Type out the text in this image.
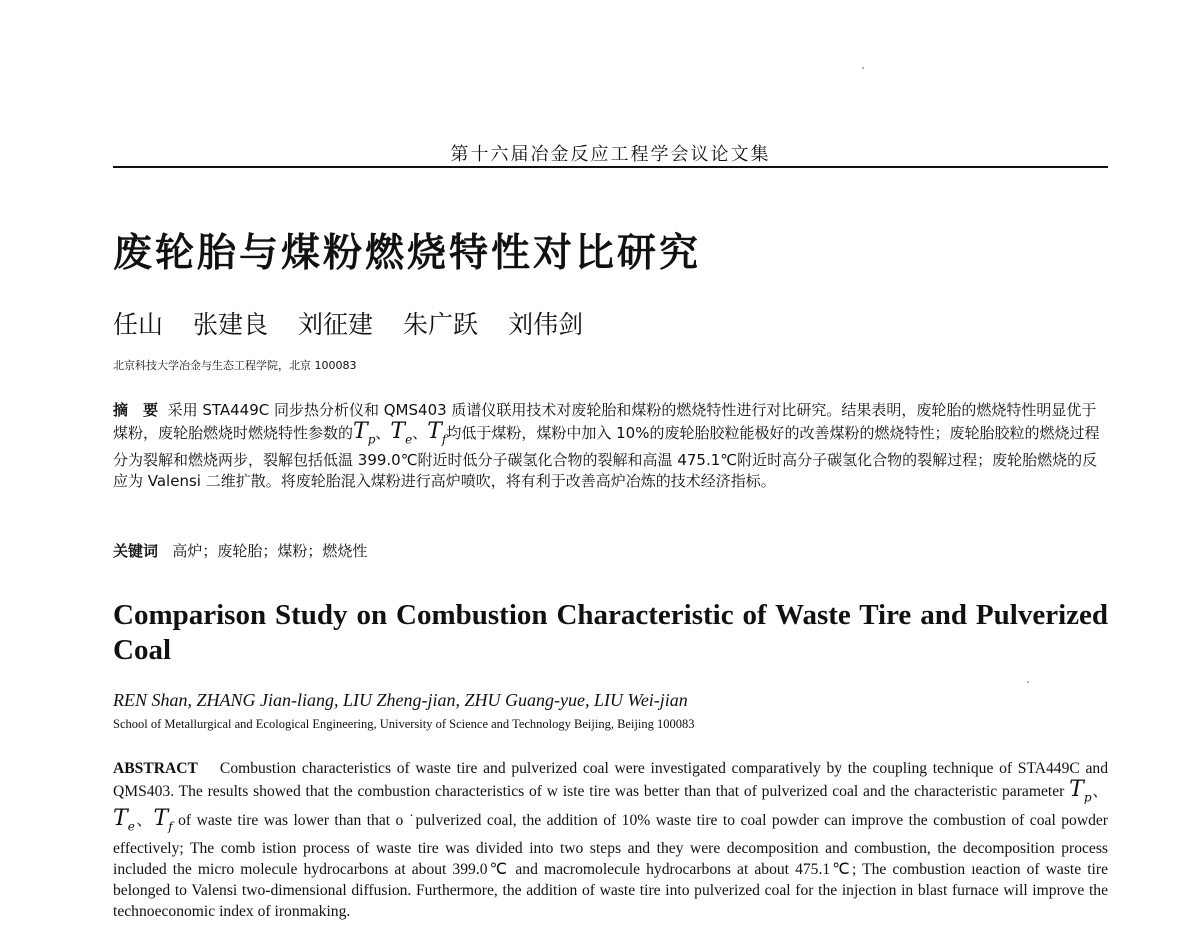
第十六届冶金反应工程学会议论文集
废轮胎与煤粉燃烧特性对比研究
任山 张建良 刘征建 朱广跃 刘伟剑
北京科技大学冶金与生态工程学院，北京 100083
摘　要 采用 STA449C 同步热分析仪和 QMS403 质谱仪联用技术对废轮胎和煤粉的燃烧特性进行对比研究。结果表明，废轮胎的燃烧特性明显优于煤粉，废轮胎燃烧时燃烧特性参数的$T_p$、$T_e$、$T_f$均低于煤粉，煤粉中加入 10%的废轮胎胶粒能极好的改善煤粉的燃烧特性；废轮胎胶粒的燃烧过程分为裂解和燃烧两步，裂解包括低温 399.0℃附近时低分子碳氢化合物的裂解和高温 475.1℃附近时高分子碳氢化合物的裂解过程；废轮胎燃烧的反应为 Valensi 二维扩散。将废轮胎混入煤粉进行高炉喷吹，将有利于改善高炉冶炼的技术经济指标。
关键词 高炉；废轮胎；煤粉；燃烧性
Comparison Study on Combustion Characteristic of Waste Tire and Pulverized Coal
REN Shan, ZHANG Jian-liang, LIU Zheng-jian, ZHU Guang-yue, LIU Wei-jian
School of Metallurgical and Ecological Engineering, University of Science and Technology Beijing, Beijing 100083
ABSTRACT Combustion characteristics of waste tire and pulverized coal were investigated comparatively by the coupling technique of STA449C and QMS403. The results showed that the combustion characteristics of w iste tire was better than that of pulverized coal and the characteristic parameter $T_p$、$T_e$、$T_f$ of waste tire was lower than that o ˙pulverized coal, the addition of 10% waste tire to coal powder can improve the combustion of coal powder effectively; The comb istion process of waste tire was divided into two steps and they were decomposition and combustion, the decomposition process included the micro molecule hydrocarbons at about 399.0℃ and macromolecule hydrocarbons at about 475.1℃; The combustion ıeaction of waste tire belonged to Valensi two-dimensional diffusion. Furthermore, the addition of waste tire into pulverized coal for the injection in blast furnace will improve the technoeconomic index of ironmaking.
